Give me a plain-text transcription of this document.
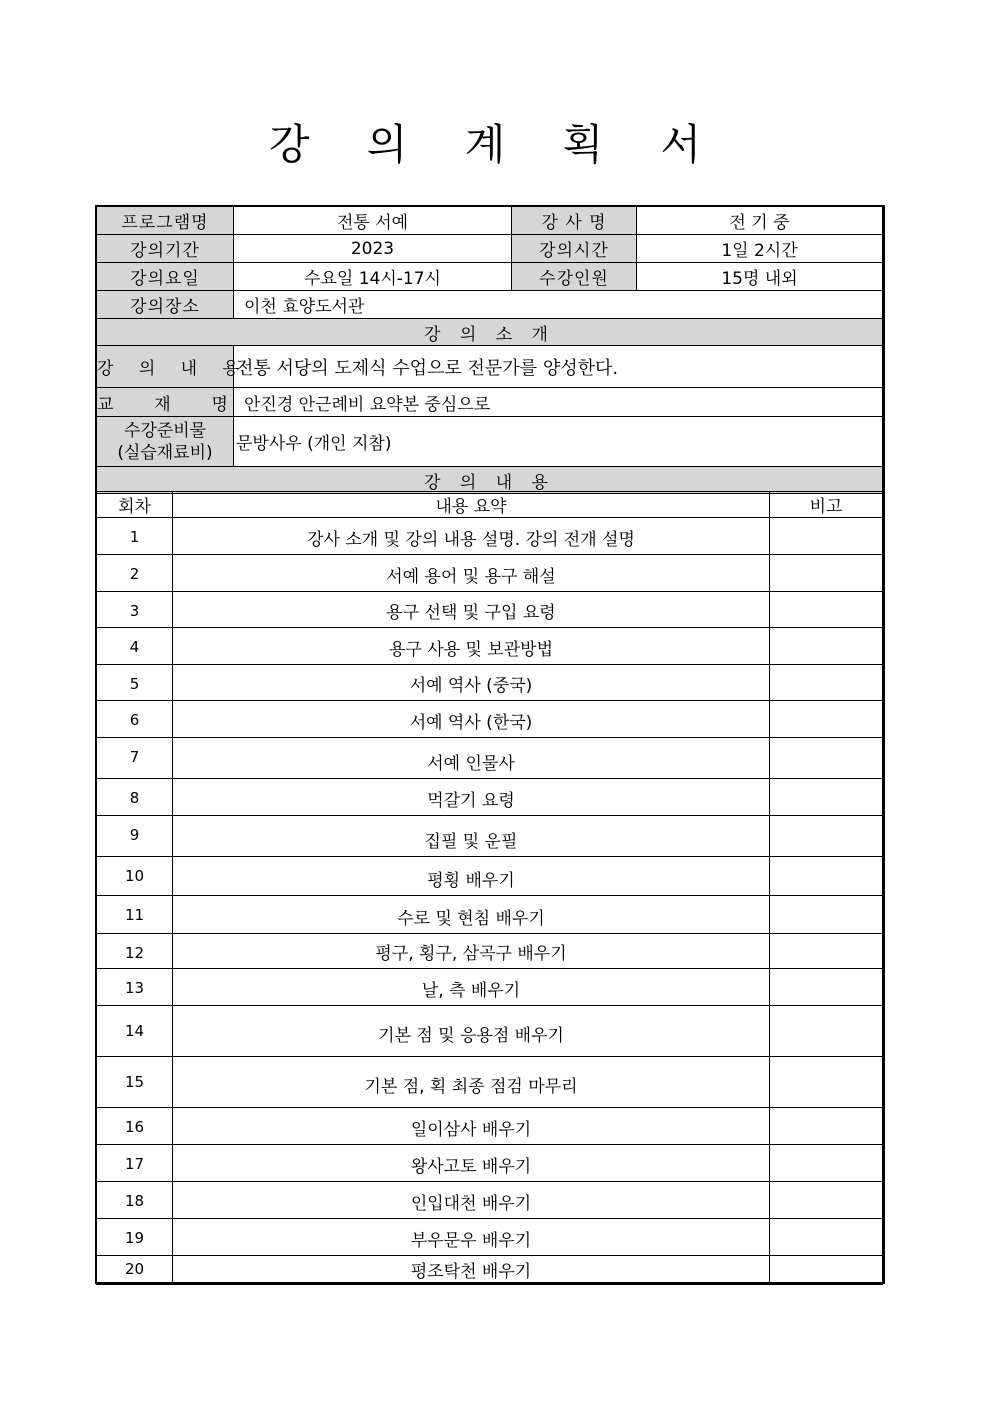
강 의 계 획 서
프로그램명	전통 서예	강 사 명	전 기 중
강의기간	2023	강의시간	1일 2시간
강의요일	수요일 14시-17시	수강인원	15명 내외
강의장소	이천 효양도서관		
강 의 소 개			
강 의 내 용	전통 서당의 도제식 수업으로 전문가를 양성한다.		
교  재  명	안진경 안근례비 요약본 중심으로		

수강준비물
(실습재료비)	문방사우 (개인 지참)		
강 의 내 용			
회차	내용 요약	비고
1	강사 소개 및 강의 내용 설명. 강의 전개 설명	
2	서예 용어 및 용구 해설	
3	용구 선택 및 구입 요령	
4	용구 사용 및 보관방법	
5	서예 역사 (중국)	
6	서예 역사 (한국)	
7	서예 인물사	
8	먹갈기 요령	
9	집필 및 운필	
10	평횡 배우기	
11	수로 및 현침 배우기	
12	평구, 횡구, 삼곡구 배우기	
13	날, 측 배우기	
14	기본 점 및 응용점 배우기	
15	기본 점, 획 최종 점검 마무리	
16	일이삼사 배우기	
17	왕사고토 배우기	
18	인입대천 배우기	
19	부우문우 배우기	
20	평조탁천 배우기	
